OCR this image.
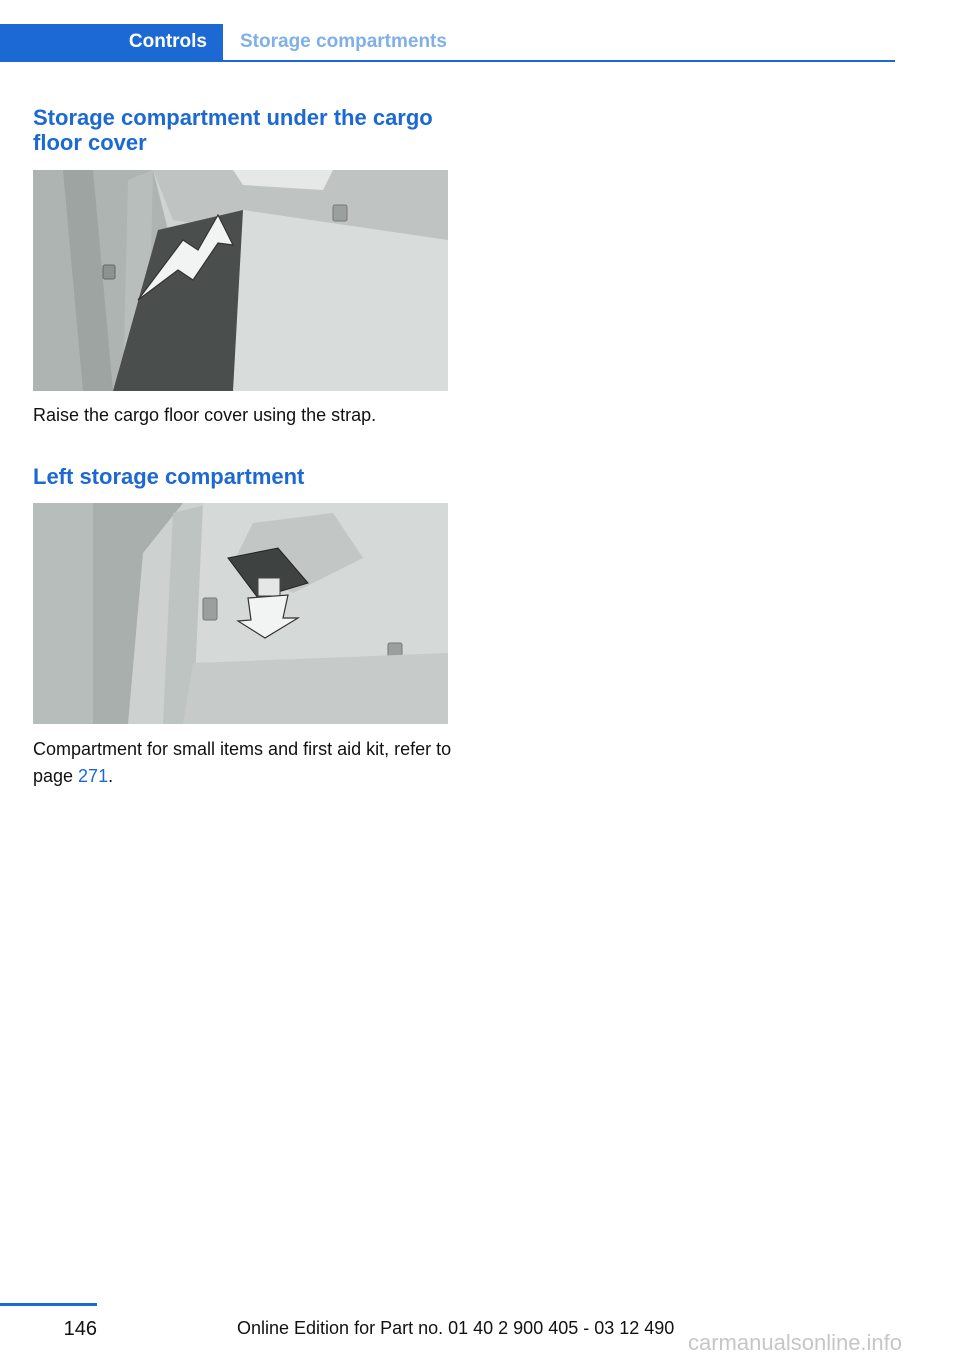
Controls Storage compartments
Storage compartment under the cargo floor cover

Raise the cargo floor cover using the strap.

Left storage compartment

Compartment for small items and first aid kit, refer to page 271.

146	Online Edition for Part no. 01 40 2 900 405 - 03 12 490
carmanualsonline.info
